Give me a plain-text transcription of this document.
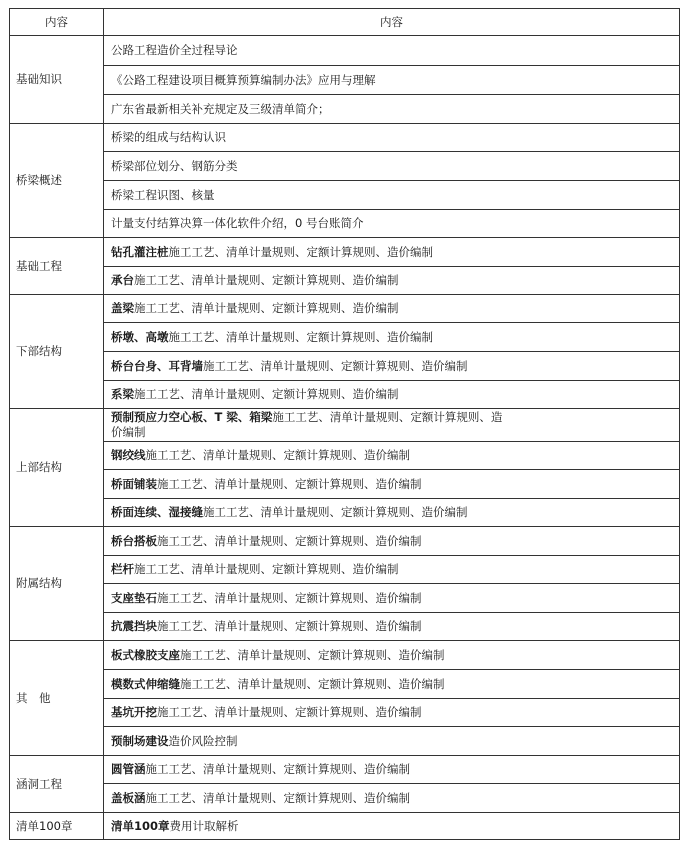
内容	内容
基础知识	公路工程造价全过程导论

	《公路工程建设项目概算预算编制办法》应用与理解

	广东省最新相关补充规定及三级清单简介；

桥梁概述	桥梁的组成与结构认识

	桥梁部位划分、钢筋分类

	桥梁工程识图、核量

	计量支付结算决算一体化软件介绍，0 号台账简介

基础工程	钻孔灌注桩施工工艺、清单计量规则、定额计算规则、造价编制

	承台施工工艺、清单计量规则、定额计算规则、造价编制

下部结构	盖梁施工工艺、清单计量规则、定额计算规则、造价编制

	桥墩、高墩施工工艺、清单计量规则、定额计算规则、造价编制

	桥台台身、耳背墙施工工艺、清单计量规则、定额计算规则、造价编制

	系梁施工工艺、清单计量规则、定额计算规则、造价编制

上部结构	预制预应力空心板、T 梁、箱梁施工工艺、清单计量规则、定额计算规则、造
价编制

	钢绞线施工工艺、清单计量规则、定额计算规则、造价编制

	桥面铺装施工工艺、清单计量规则、定额计算规则、造价编制

	桥面连续、湿接缝施工工艺、清单计量规则、定额计算规则、造价编制

附属结构	桥台搭板施工工艺、清单计量规则、定额计算规则、造价编制

	栏杆施工工艺、清单计量规则、定额计算规则、造价编制

	支座垫石施工工艺、清单计量规则、定额计算规则、造价编制

	抗震挡块施工工艺、清单计量规则、定额计算规则、造价编制

其　他	板式橡胶支座施工工艺、清单计量规则、定额计算规则、造价编制

	模数式伸缩缝施工工艺、清单计量规则、定额计算规则、造价编制

	基坑开挖施工工艺、清单计量规则、定额计算规则、造价编制

	预制场建设造价风险控制

涵洞工程	圆管涵施工工艺、清单计量规则、定额计算规则、造价编制

	盖板涵施工工艺、清单计量规则、定额计算规则、造价编制

清单100章	清单100章费用计取解析
